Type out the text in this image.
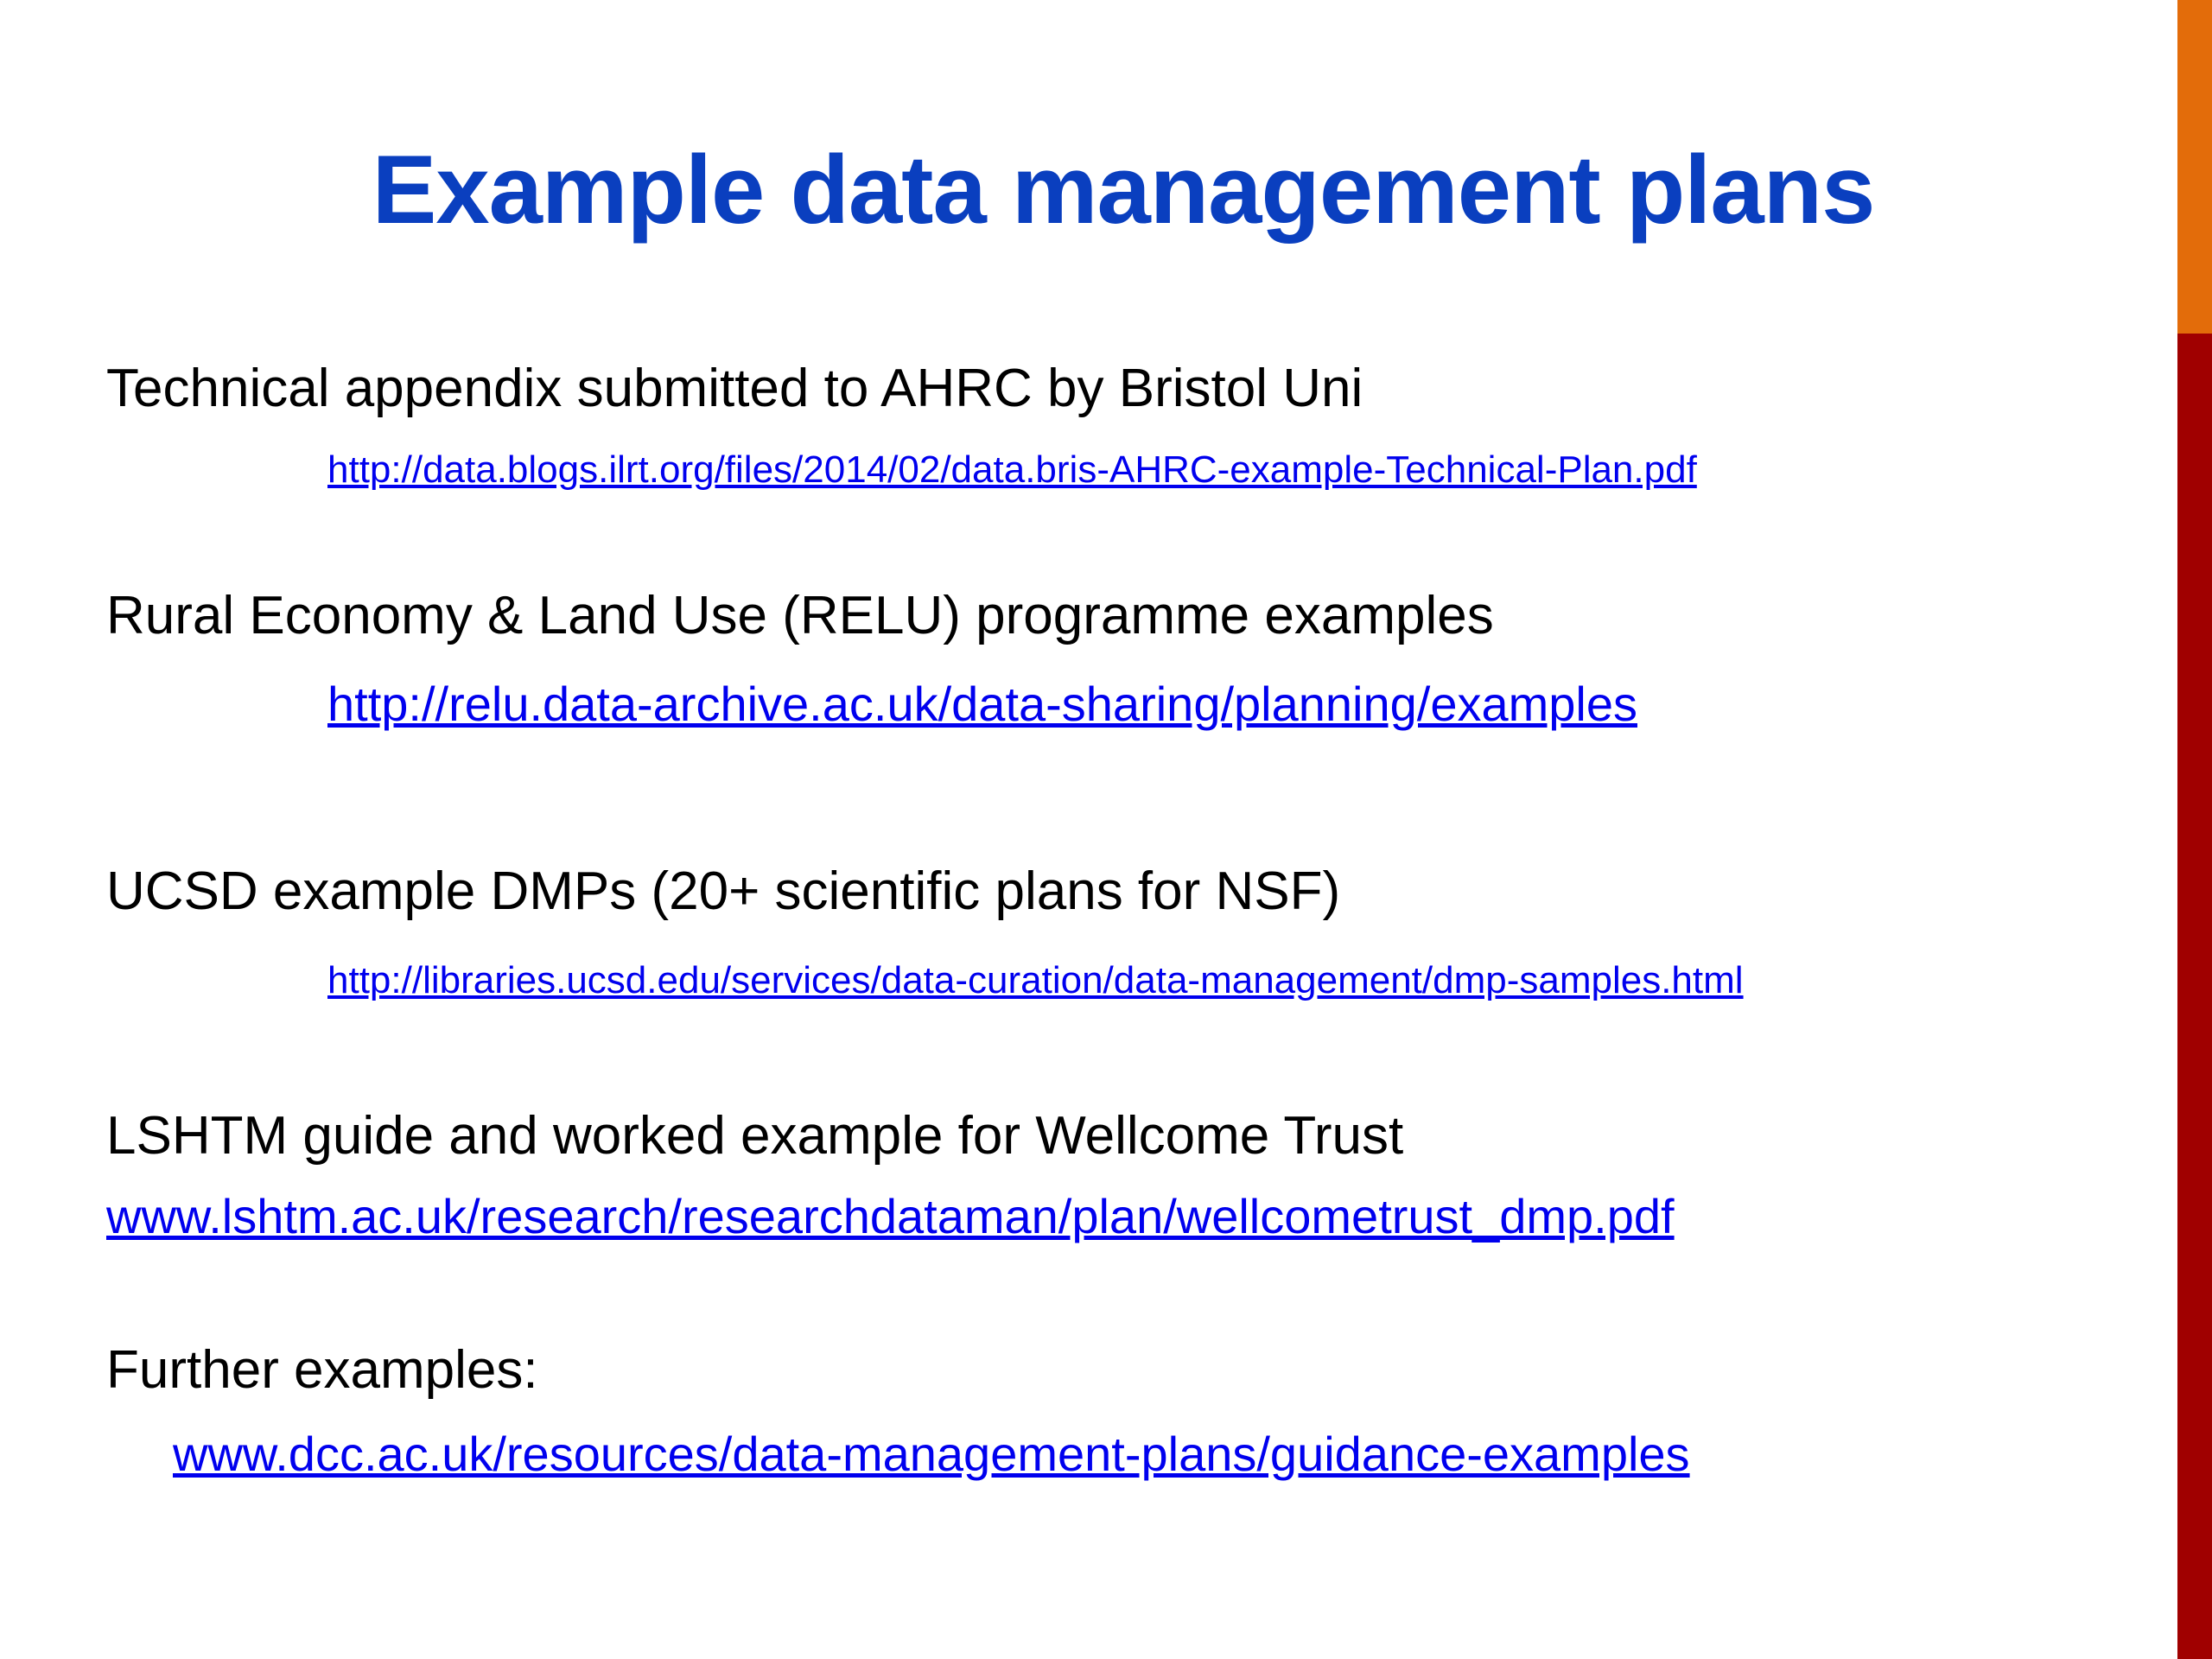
Example data management plans
Technical appendix submitted to AHRC by Bristol Uni
http://data.blogs.ilrt.org/files/2014/02/data.bris-AHRC-example-Technical-Plan.pdf
Rural Economy & Land Use (RELU) programme examples
http://relu.data-archive.ac.uk/data-sharing/planning/examples
UCSD example DMPs (20+ scientific plans for NSF)
http://libraries.ucsd.edu/services/data-curation/data-management/dmp-samples.html
LSHTM guide and worked example for Wellcome Trust
www.lshtm.ac.uk/research/researchdataman/plan/wellcometrust_dmp.pdf
Further examples:
www.dcc.ac.uk/resources/data-management-plans/guidance-examples
